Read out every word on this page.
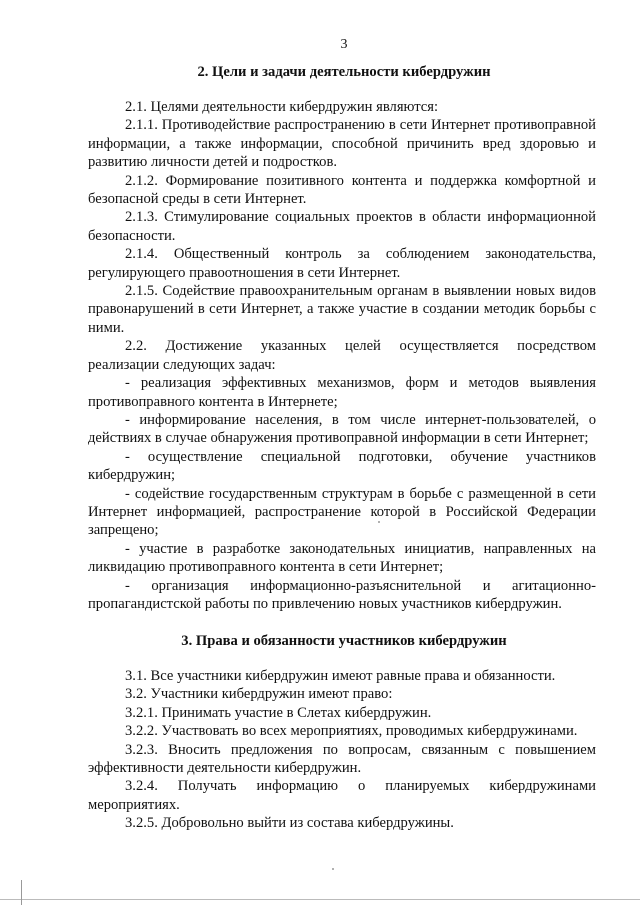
3
2. Цели и задачи деятельности кибердружин

2.1. Целями деятельности кибердружин являются:

2.1.1. Противодействие распространению в сети Интернет противоправной информации, а также информации, способной причинить вред здоровью и развитию личности детей и подростков.

2.1.2. Формирование позитивного контента и поддержка комфортной и безопасной среды в сети Интернет.

2.1.3. Стимулирование социальных проектов в области информационной безопасности.

2.1.4. Общественный контроль за соблюдением законодательства, регулирующего правоотношения в сети Интернет.

2.1.5. Содействие правоохранительным органам в выявлении новых видов правонарушений в сети Интернет, а также участие в создании методик борьбы с ними.

2.2. Достижение указанных целей осуществляется посредством реализации следующих задач:

- реализация эффективных механизмов, форм и методов выявления противоправного контента в Интернете;

- информирование населения, в том числе интернет-пользователей, о действиях в случае обнаружения противоправной информации в сети Интернет;

- осуществление специальной подготовки, обучение участников кибердружин;

- содействие государственным структурам в борьбе с размещенной в сети Интернет информацией, распространение которой в Российской Федерации запрещено;

- участие в разработке законодательных инициатив, направленных на ликвидацию противоправного контента в сети Интернет;

- организация информационно-разъяснительной и агитационно-пропагандистской работы по привлечению новых участников кибердружин.

3. Права и обязанности участников кибердружин

3.1. Все участники кибердружин имеют равные права и обязанности.

3.2. Участники кибердружин имеют право:

3.2.1. Принимать участие в Слетах кибердружин.

3.2.2. Участвовать во всех мероприятиях, проводимых кибердружинами.

3.2.3. Вносить предложения по вопросам, связанным с повышением эффективности деятельности кибердружин.

3.2.4. Получать информацию о планируемых кибердружинами мероприятиях.

3.2.5. Добровольно выйти из состава кибердружины.
